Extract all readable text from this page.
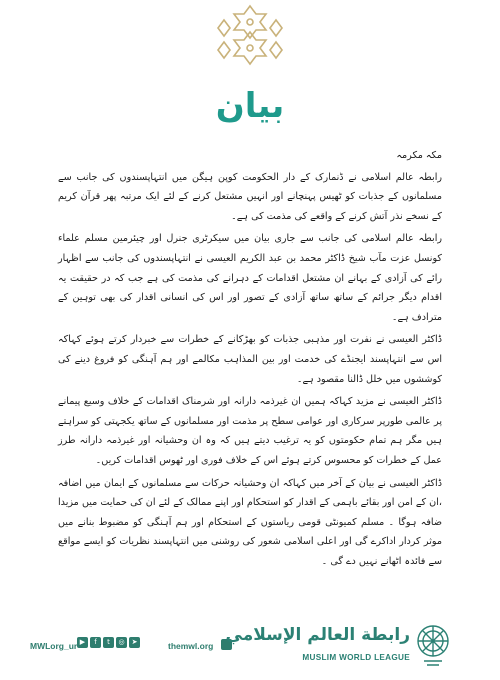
بیان

مکہ مکرمہ

رابطہ عالم اسلامی نے ڈنمارک کے دار الحکومت کوپن ہیگن میں انتہاپسندوں کی جانب سے مسلمانوں کے جذبات کو ٹھیس پہنچانے اور انہیں مشتعل کرنے کے لئے ایک مرتبہ پھر قرآن کریم کے نسخے نذر آتش کرنے کے واقعے کی مذمت کی ہے۔

رابطہ عالم اسلامی کی جانب سے جاری بیان میں سیکرٹری جنرل اور چیئرمین مسلم علماء کونسل عزت مآب شیخ ڈاکٹر محمد بن عبد الکریم العیسی نے انتہاپسندوں کی جانب سے اظہار رائے کی آزادی کے بہانے ان مشتعل اقدامات کے دہرانے کی مذمت کی ہے جب کہ در حقیقت یہ اقدام دیگر جرائم کے ساتھ ساتھ آزادی کے تصور اور اس کی انسانی اقدار کی بھی توہین کے مترادف ہے۔

ڈاکٹر العیسی نے نفرت اور مذہبی جذبات کو بھڑکانے کے خطرات سے خبردار کرتے ہوئے کہاکہ اس سے انتہاپسند ایجنڈے کی خدمت اور بین المذاہب مکالمے اور ہم آہنگی کو فروغ دینے کی کوششوں میں خلل ڈالنا مقصود ہے۔

ڈاکٹر العیسی نے مزید کہاکہ ہمیں ان غیرذمہ دارانہ اور شرمناک اقدامات کے خلاف وسیع پیمانے پر عالمی طورپر سرکاری اور عوامی سطح پر مذمت اور مسلمانوں کے ساتھ یکجہتی کو سراہتے ہیں مگر ہم تمام حکومتوں کو یہ ترغیب دیتے ہیں کہ وہ ان وحشیانہ اور غیرذمہ دارانہ طرز عمل کے خطرات کو محسوس کرتے ہوئے اس کے خلاف فوری اور ٹھوس اقدامات کریں۔

ڈاکٹر العیسی نے بیان کے آخر میں کہاکہ ان وحشیانہ حرکات سے مسلمانوں کے ایمان میں اضافہ ،ان کے امن اور بقائے باہمی کے اقدار کو استحکام اور اپنے ممالک کے لئے ان کی حمایت میں مزیدا ضافہ ہوگا ۔ مسلم کمیونٹی قومی ریاستوں کے استحکام اور ہم آہنگی کو مضبوط بنانے میں موثر کردار اداکرے گی اور اعلی اسلامی شعور کی روشنی میں انتہاپسند نظریات کو ایسے مواقع سے فائدہ اٹھانے نہیں دے گی ۔

MWLorg_ur ▶	f	t	◎	➤	themwl.org
رابطة العالم الإسلامي
MUSLIM WORLD LEAGUE
